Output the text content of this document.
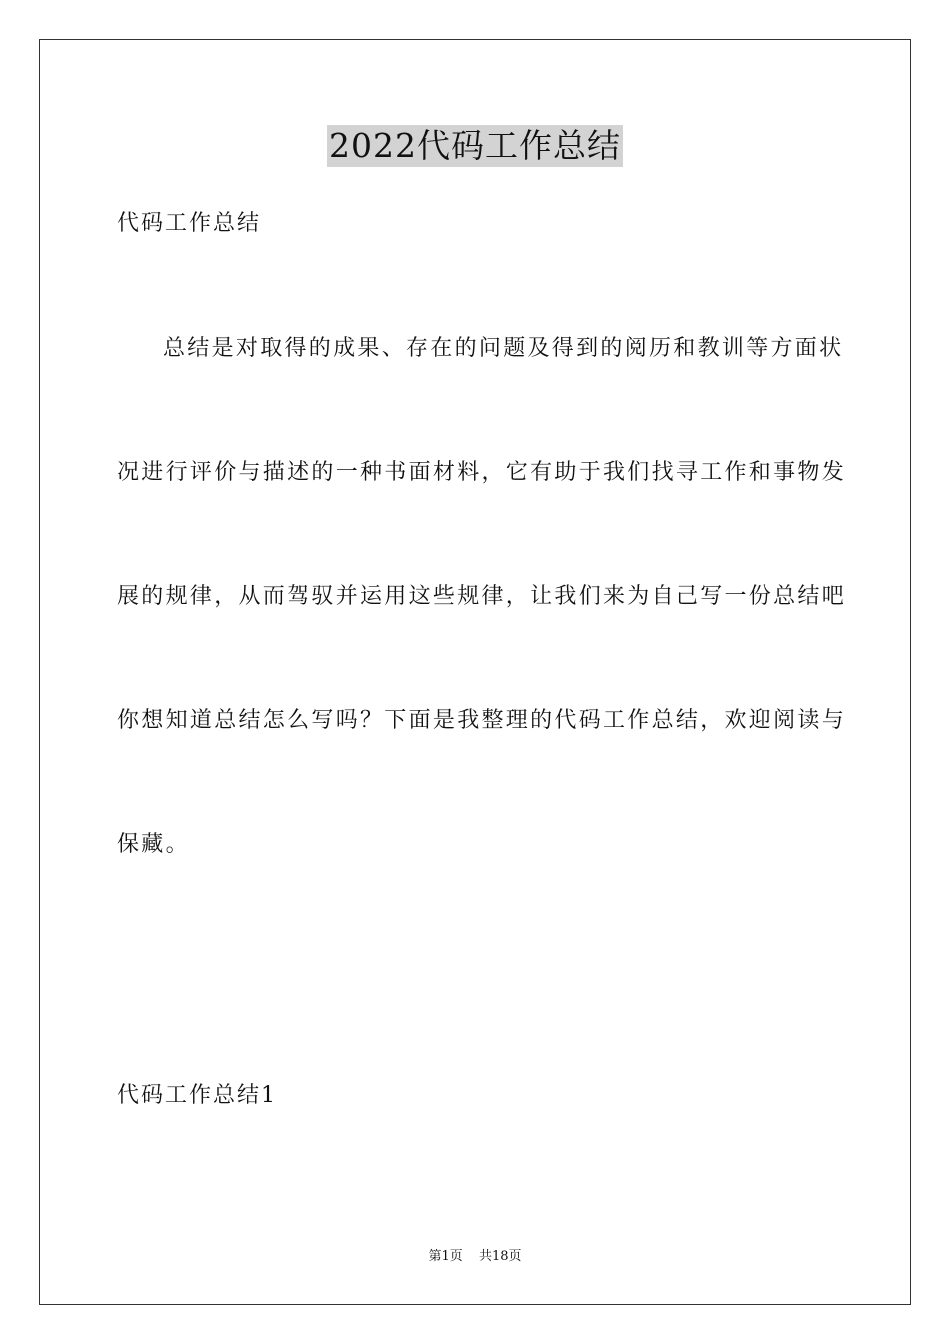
2022代码工作总结
代码工作总结
总结是对取得的成果、存在的问题及得到的阅历和教训等方面状
况进行评价与描述的一种书面材料，它有助于我们找寻工作和事物发
展的规律，从而驾驭并运用这些规律，让我们来为自己写一份总结吧
你想知道总结怎么写吗？下面是我整理的代码工作总结，欢迎阅读与
保藏。
代码工作总结1
第1页 共18页
